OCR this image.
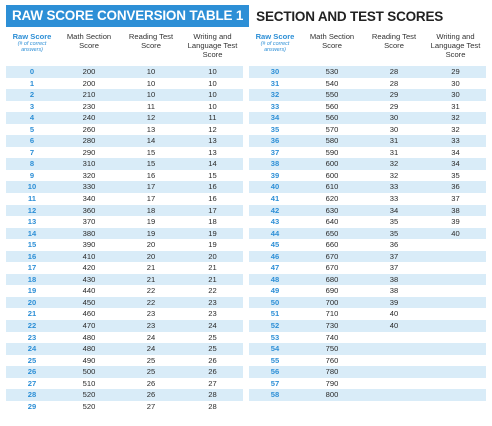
RAW SCORE CONVERSION TABLE 1 SECTION AND TEST SCORES
Raw Score
(# of correct answers)
Math Section Score
Reading Test Score
Writing and Language Test Score
0	200	10	10
1	200	10	10
2	210	10	10
3	230	11	10
4	240	12	11
5	260	13	12
6	280	14	13
7	290	15	13
8	310	15	14
9	320	16	15
10	330	17	16
11	340	17	16
12	360	18	17
13	370	19	18
14	380	19	19
15	390	20	19
16	410	20	20
17	420	21	21
18	430	21	21
19	440	22	22
20	450	22	23
21	460	23	23
22	470	23	24
23	480	24	25
24	480	24	25
25	490	25	26
26	500	25	26
27	510	26	27
28	520	26	28
29	520	27	28
Raw Score
(# of correct answers)
Math Section Score
Reading Test Score
Writing and Language Test Score
30	530	28	29
31	540	28	30
32	550	29	30
33	560	29	31
34	560	30	32
35	570	30	32
36	580	31	33
37	590	31	34
38	600	32	34
39	600	32	35
40	610	33	36
41	620	33	37
42	630	34	38
43	640	35	39
44	650	35	40
45	660	36
46	670	37
47	670	37
48	680	38
49	690	38
50	700	39
51	710	40
52	730	40
53	740
54	750
55	760
56	780
57	790
58	800
